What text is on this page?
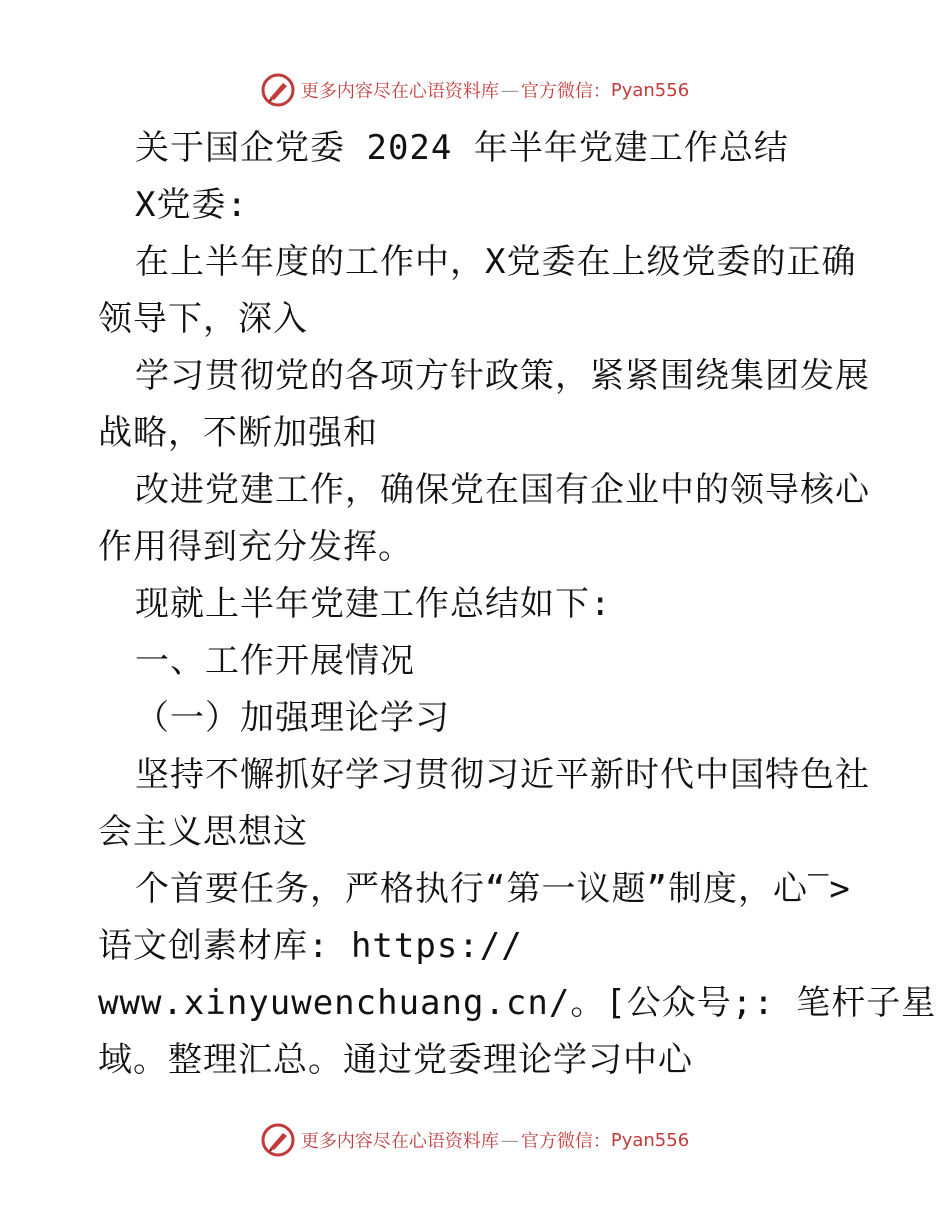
更多内容尽在心语资料库 — 官方微信： Pyan556
关于国企党委 2024 年半年党建工作总结
X党委:
在上半年度的工作中，X党委在上级党委的正确
领导下，深入
学习贯彻党的各项方针政策，紧紧围绕集团发展
战略，不断加强和
改进党建工作，确保党在国有企业中的领导核心
作用得到充分发挥。
现就上半年党建工作总结如下:
一、工作开展情况
（一）加强理论学习
坚持不懈抓好学习贯彻习近平新时代中国特色社
会主义思想这
个首要任务，严格执行“第一议题”制度，心‾>
语文创素材库: https://
www.xinyuwenchuang.cn/。[公众号;: 笔杆子星
域。整理汇总。通过党委理论学习中心
更多内容尽在心语资料库 — 官方微信： Pyan556
